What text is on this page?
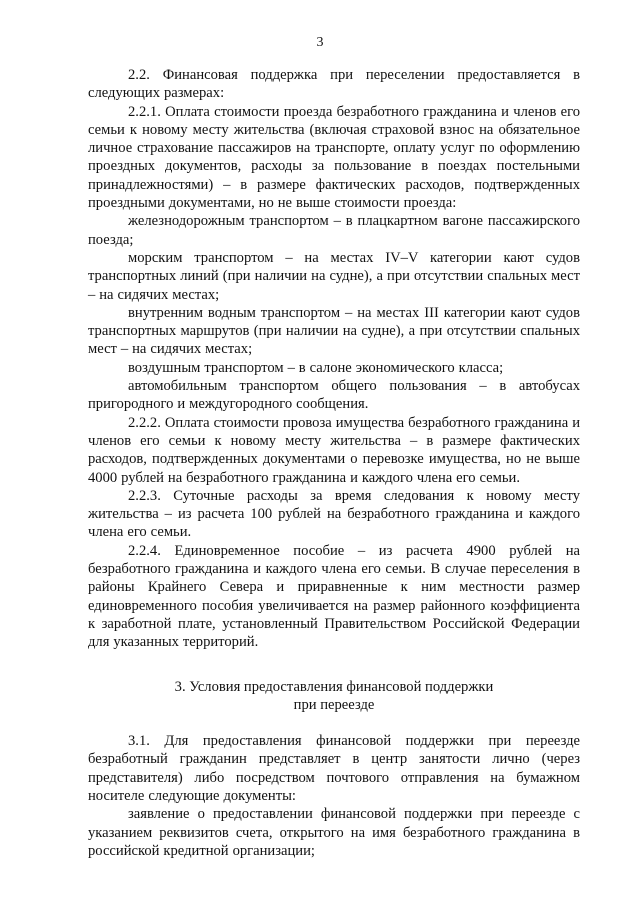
3

2.2. Финансовая поддержка при переселении предоставляется в следующих размерах:

2.2.1. Оплата стоимости проезда безработного гражданина и членов его семьи к новому месту жительства (включая страховой взнос на обязательное личное страхование пассажиров на транспорте, оплату услуг по оформлению проездных документов, расходы за пользование в поездах постельными принадлежностями) – в размере фактических расходов, подтвержденных проездными документами, но не выше стоимости проезда:

железнодорожным транспортом – в плацкартном вагоне пассажирского поезда;

морским транспортом – на местах IV–V категории кают судов транспортных линий (при наличии на судне), а при отсутствии спальных мест – на сидячих местах;

внутренним водным транспортом – на местах III категории кают судов транспортных маршрутов (при наличии на судне), а при отсутствии спальных мест – на сидячих местах;

воздушным транспортом – в салоне экономического класса;

автомобильным транспортом общего пользования – в автобусах пригородного и междугородного сообщения.

2.2.2. Оплата стоимости провоза имущества безработного гражданина и членов его семьи к новому месту жительства – в размере фактических расходов, подтвержденных документами о перевозке имущества, но не выше 4000 рублей на безработного гражданина и каждого члена его семьи.

2.2.3. Суточные расходы за время следования к новому месту жительства – из расчета 100 рублей на безработного гражданина и каждого члена его семьи.

2.2.4. Единовременное пособие – из расчета 4900 рублей на безработного гражданина и каждого члена его семьи. В случае переселения в районы Крайнего Севера и приравненные к ним местности размер единовременного пособия увеличивается на размер районного коэффициента к заработной плате, установленный Правительством Российской Федерации для указанных территорий.

3. Условия предоставления финансовой поддержки
при переезде

3.1. Для предоставления финансовой поддержки при переезде безработный гражданин представляет в центр занятости лично (через представителя) либо посредством почтового отправления на бумажном носителе следующие документы:

заявление о предоставлении финансовой поддержки при переезде с указанием реквизитов счета, открытого на имя безработного гражданина в российской кредитной организации;
